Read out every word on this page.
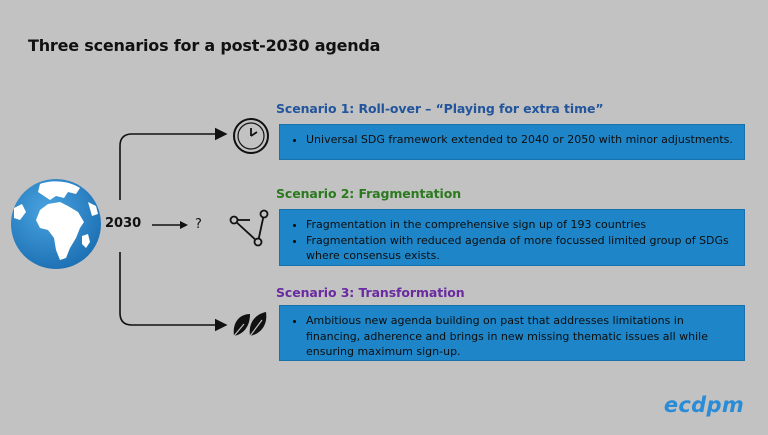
Three scenarios for a post-2030 agenda
2030	?
Scenario 1: Roll-over – “Playing for extra time”
• Universal SDG framework extended to 2040 or 2050 with minor adjustments.
Scenario 2: Fragmentation
• Fragmentation in the comprehensive sign up of 193 countries
• Fragmentation with reduced agenda of more focussed limited group of SDGs where consensus exists.
Scenario 3: Transformation
• Ambitious new agenda building on past that addresses limitations in financing, adherence and brings in new missing thematic issues all while ensuring maximum sign-up.
ecdpm
